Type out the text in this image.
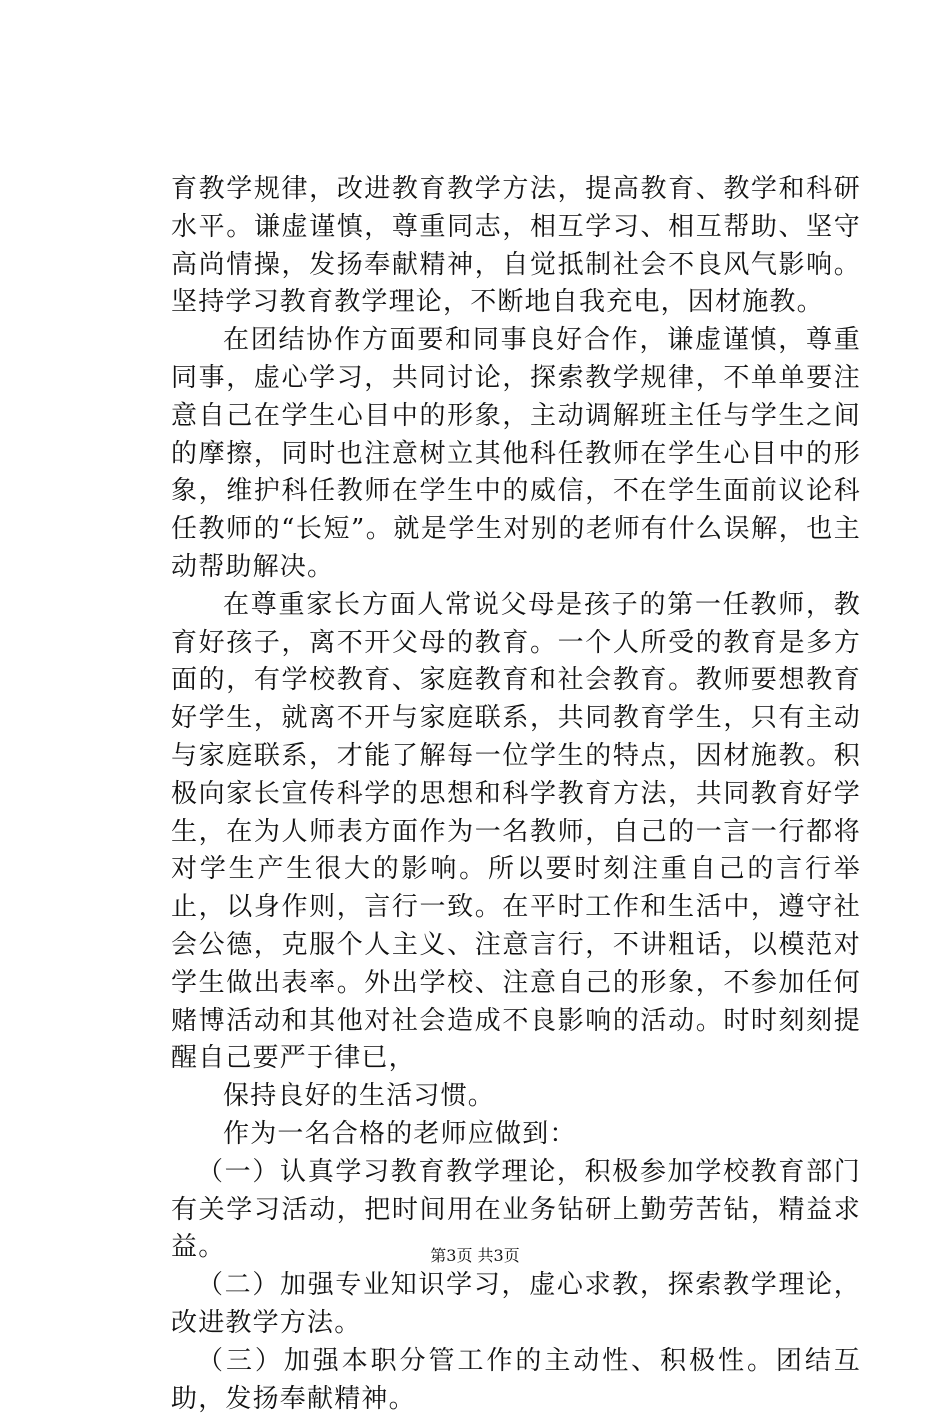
育教学规律，改进教育教学方法，提高教育、教学和科研水平。谦虚谨慎，尊重同志，相互学习、相互帮助、坚守高尚情操，发扬奉献精神，自觉抵制社会不良风气影响。坚持学习教育教学理论，不断地自我充电，因材施教。

在团结协作方面要和同事良好合作，谦虚谨慎，尊重同事，虚心学习，共同讨论，探索教学规律，不单单要注意自己在学生心目中的形象，主动调解班主任与学生之间的摩擦，同时也注意树立其他科任教师在学生心目中的形象，维护科任教师在学生中的威信，不在学生面前议论科任教师的“长短”。就是学生对别的老师有什么误解，也主动帮助解决。

在尊重家长方面人常说父母是孩子的第一任教师，教育好孩子，离不开父母的教育。一个人所受的教育是多方面的，有学校教育、家庭教育和社会教育。教师要想教育好学生，就离不开与家庭联系，共同教育学生，只有主动与家庭联系，才能了解每一位学生的特点，因材施教。积极向家长宣传科学的思想和科学教育方法，共同教育好学生，在为人师表方面作为一名教师，自己的一言一行都将对学生产生很大的影响。所以要时刻注重自己的言行举止，以身作则，言行一致。在平时工作和生活中，遵守社会公德，克服个人主义、注意言行，不讲粗话，以模范对学生做出表率。外出学校、注意自己的形象，不参加任何赌博活动和其他对社会造成不良影响的活动。时时刻刻提醒自己要严于律已，

保持良好的生活习惯。

作为一名合格的老师应做到：

（一）认真学习教育教学理论，积极参加学校教育部门有关学习活动，把时间用在业务钻研上勤劳苦钻，精益求益。

（二）加强专业知识学习，虚心求教，探索教学理论，改进教学方法。

（三）加强本职分管工作的主动性、积极性。团结互助，发扬奉献精神。

第3页 共3页
